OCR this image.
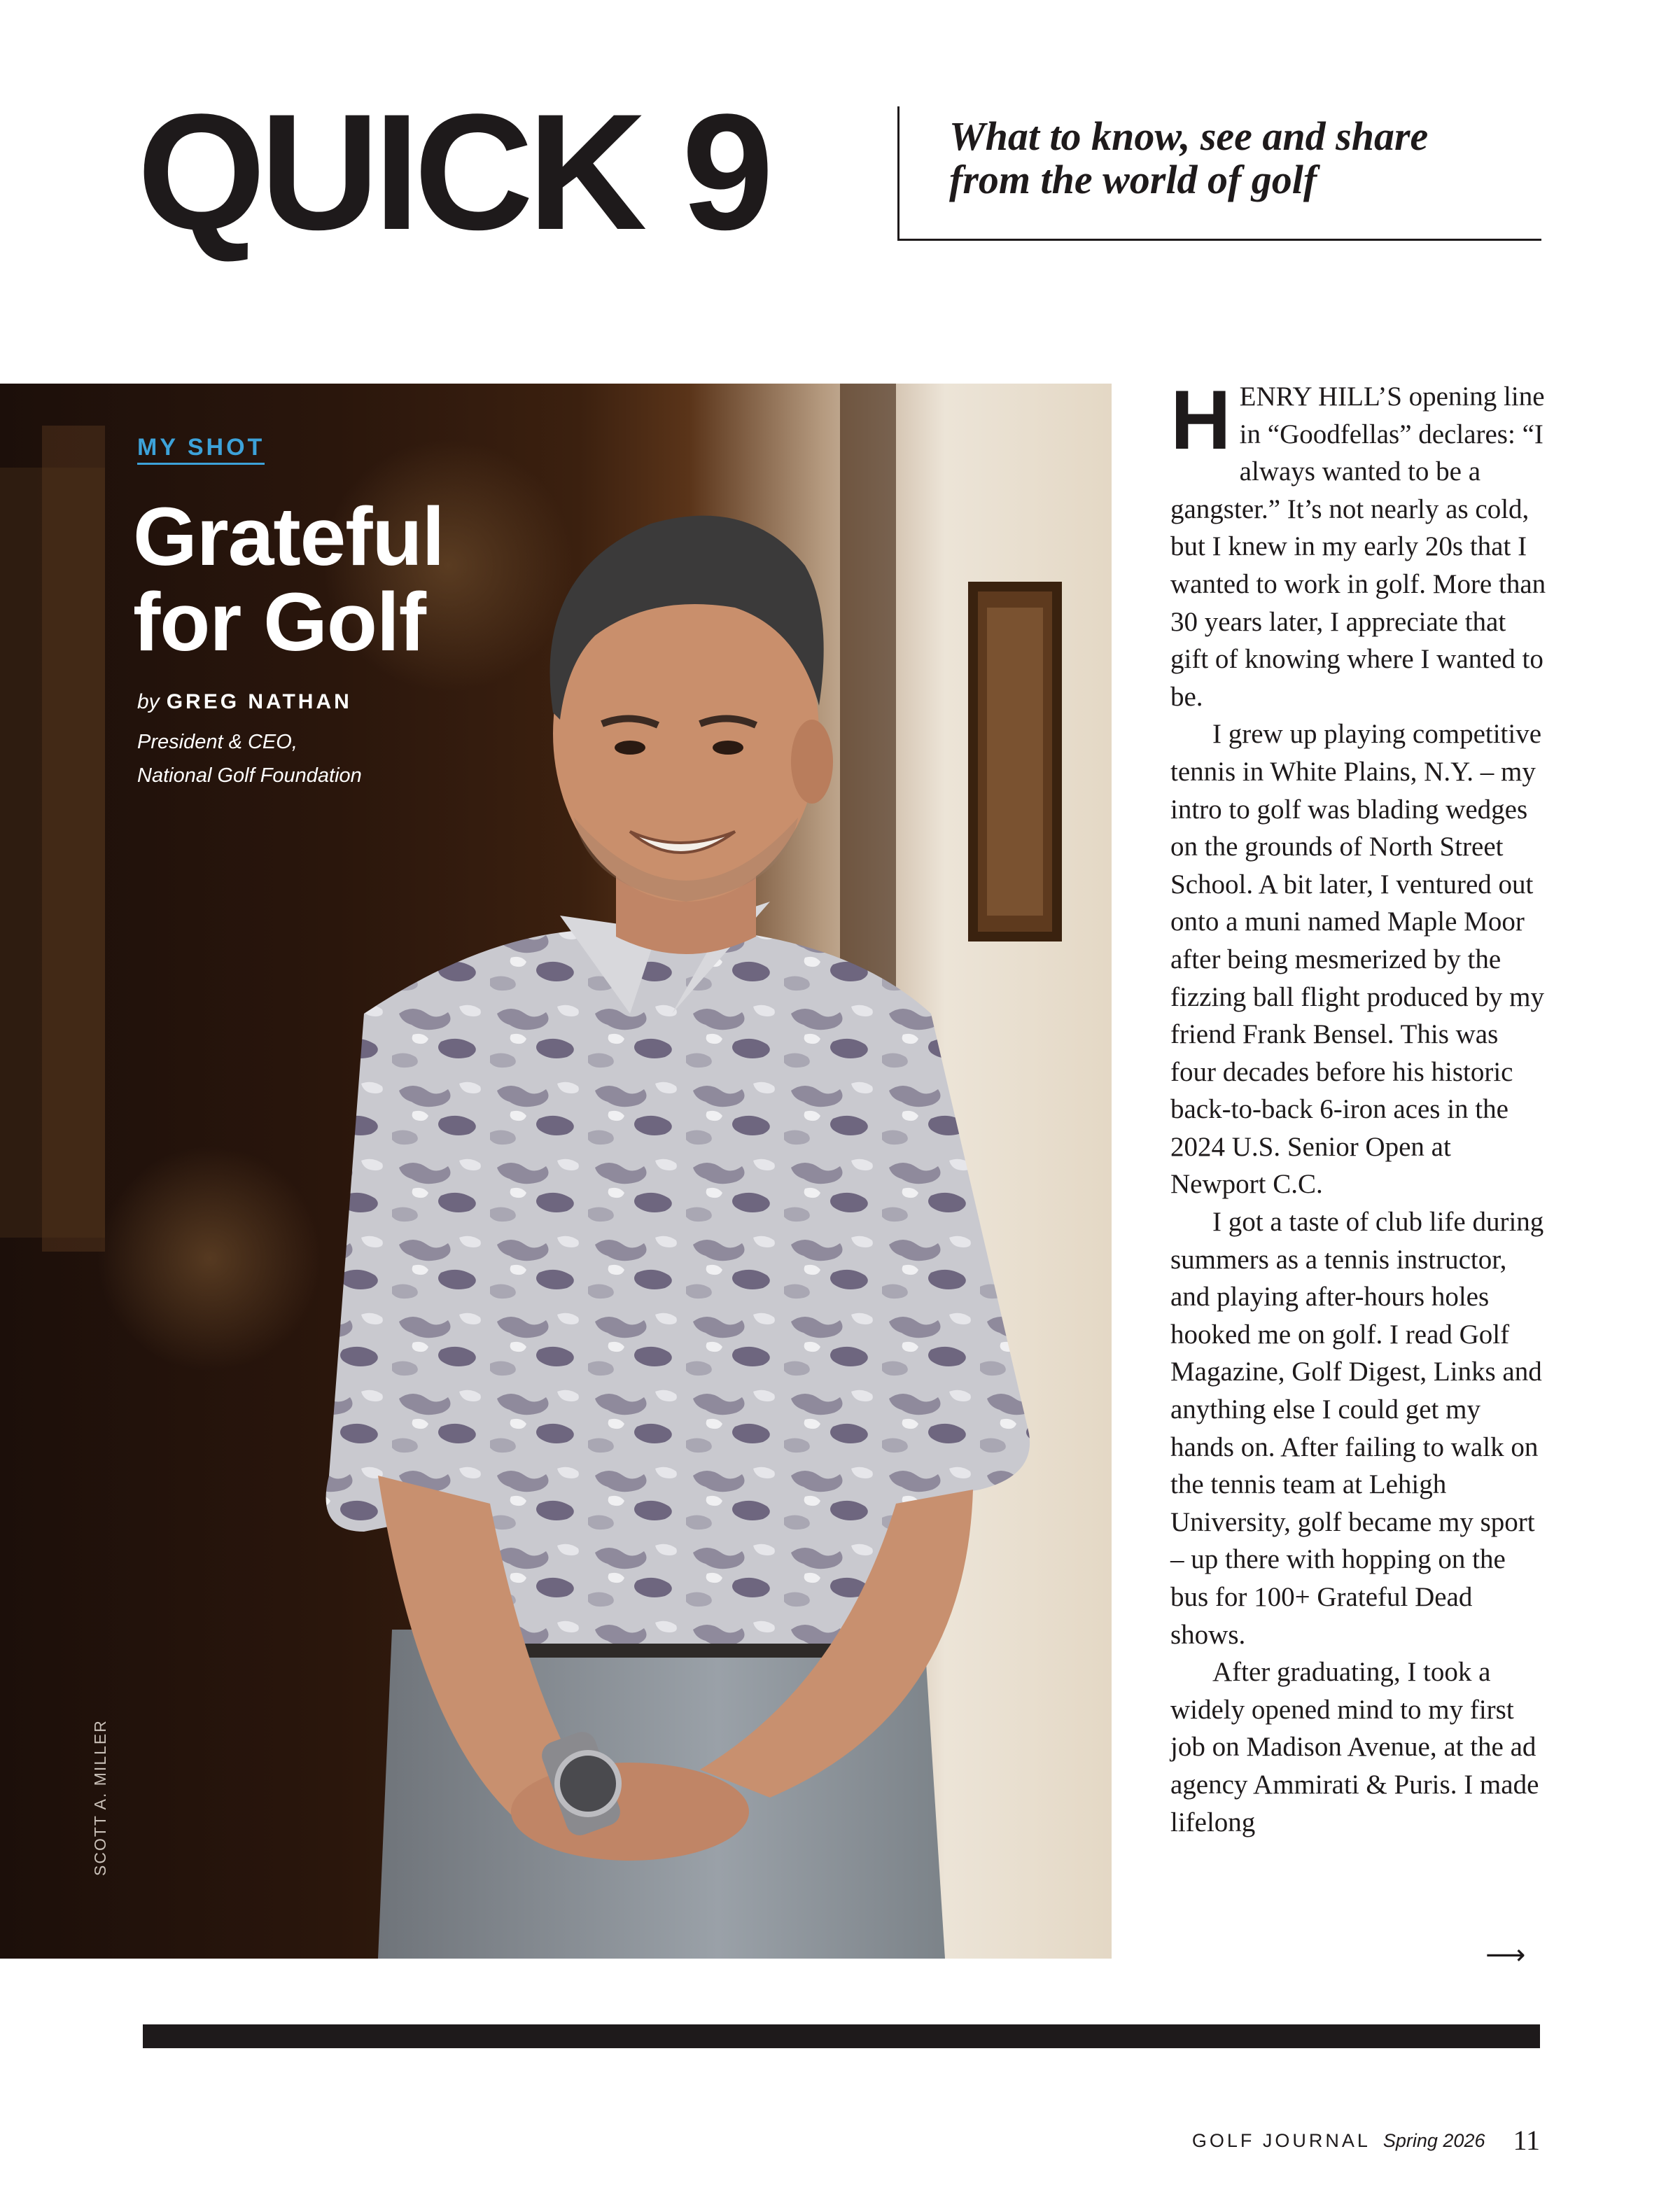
QUICK 9	What to know, see and share
from the world of golf

MY SHOT

Grateful
for Golf

by GREG NATHAN

President & CEO,
National Golf Foundation

SCOTT A. MILLER

HENRY HILL’S opening line in “Goodfellas” declares: “I always wanted to be a gangster.” It’s not nearly as cold, but I knew in my early 20s that I wanted to work in golf. More than 30 years later, I appreciate that gift of knowing where I wanted to be.

I grew up playing competitive tennis in White Plains, N.Y. – my intro to golf was blading wedges on the grounds of North Street School. A bit later, I ventured out onto a muni named Maple Moor after being mesmerized by the fizzing ball flight produced by my friend Frank Bensel. This was four decades before his historic back-to-back 6-iron aces in the 2024 U.S. Senior Open at Newport C.C.

I got a taste of club life during summers as a tennis instructor, and playing after-hours holes hooked me on golf. I read Golf Magazine, Golf Digest, Links and anything else I could get my hands on. After failing to walk on the tennis team at Lehigh University, golf became my sport – up there with hopping on the bus for 100+ Grateful Dead shows.

After graduating, I took a widely opened mind to my first job on Madison Avenue, at the ad agency Ammirati & Puris. I made lifelong

⟶

GOLF JOURNAL Spring 2026 11
